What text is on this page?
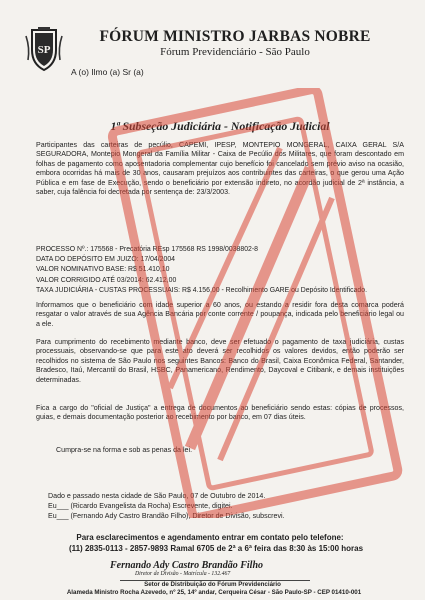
SP
FÓRUM MINISTRO JARBAS NOBRE
Fórum Previdenciário - São Paulo
A (o) Ilmo (a) Sr (a)
1ª Subseção Judiciária - Notificação Judicial
Participantes das carteiras de pecúlio, CAPEMI, IPESP, MONTEPIO MONGERAL, CAIXA GERAL S/A SEGURADORA, Montepio Mongeral da Família Militar - Caixa de Pecúlio dos Militares, que foram descontado em folhas de pagamento como aposentadoria complementar cujo benefício foi cancelado sem prévio aviso na ocasião, embora ocorridas há mais de 30 anos, causaram prejuízos aos contribuintes das carteiras, o que gerou uma Ação Pública e em fase de Execução, sendo o beneficiário por extensão indireto, no acordão judicial de 2ª instância, a saber, cuja falência foi decretada por sentença de: 23/3/2003.
PROCESSO Nº.: 175568 - Precatória REsp 175568 RS 1998/0038802-8
DATA DO DEPÓSITO EM JUIZO: 17/04/2004
VALOR NOMINATIVO BASE: R$ 51.410,10
VALOR CORRIGIDO ATÉ 03/2014: 62.412,00
TAXA JUDICIÁRIA - CUSTAS PROCESSUAIS: R$ 4.156,00 - Recolhimento GARE ou Depósito Identificado.
Informamos que o beneficiário com idade superior a 60 anos, ou estando a residir fora desta comarca poderá resgatar o valor através de sua Agência Bancária por conte corrente / poupança, indicada pelo beneficiário legal ou a ele.
Para cumprimento do recebimento mediante banco, deve ser efetuado o pagamento de taxa judiciária, custas processuais, observando-se que para este ato deverá ser recolhidos os valores devidos, então poderão ser recolhidos no sistema de São Paulo nos seguintes Bancos: Banco do Brasil, Caixa Econômica Federal, Santander, Bradesco, Itaú, Mercantil do Brasil, HSBC, Panamericano, Rendimento, Daycoval e Citibank, e demais instituições determinadas.
Fica a cargo do "oficial de Justiça" a entrega de documentos ao beneficiário sendo estas: cópias de processos, guias, e demais documentação posterior ao recebimento por banco, em 07 dias úteis.
Cumpra-se na forma e sob as penas da lei.
Dado e passado nesta cidade de São Paulo, 07 de Outubro de 2014.
Eu___ (Ricardo Evangelista da Rocha) Escrevente, digitei.
Eu___ (Fernando Ady Castro Brandão Filho), Diretor de Divisão, subscrevi.
Para esclarecimentos e agendamento entrar em contato pelo telefone:
(11) 2835-0113 - 2857-9893 Ramal 6705 de 2ª a 6ª feira das 8:30 às 15:00 horas
Fernando Ady Castro Brandão Filho
Diretor de Divisão - Matrícula - 132.467
Setor de Distribuição do Fórum Previdenciário
Alameda Ministro Rocha Azevedo, nº 25, 14º andar, Cerqueira César - São Paulo-SP - CEP 01410-001
